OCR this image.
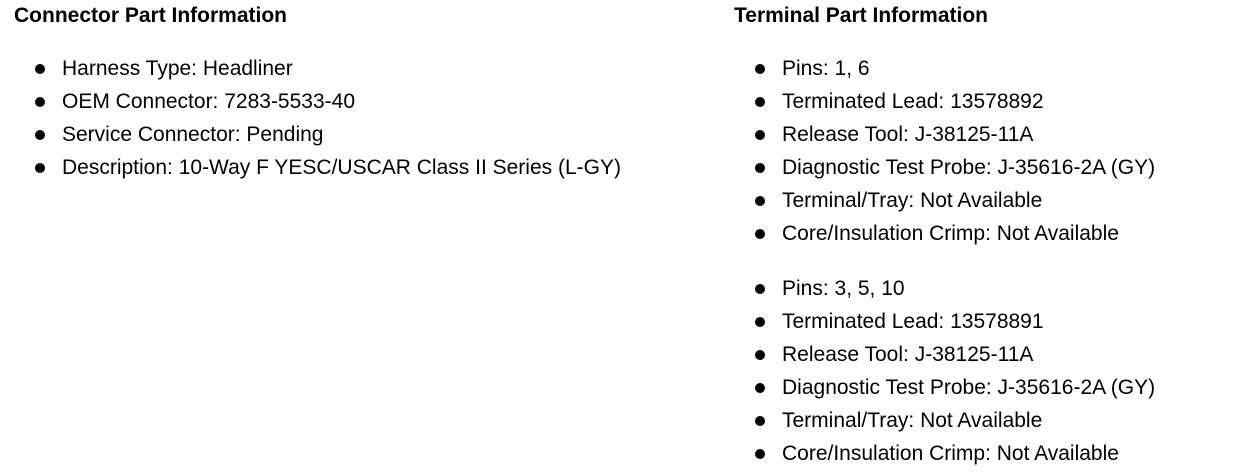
Connector Part Information
Harness Type: Headliner
OEM Connector: 7283-5533-40
Service Connector: Pending
Description: 10-Way F YESC/USCAR Class II Series (L-GY)
Terminal Part Information
Pins: 1, 6
Terminated Lead: 13578892
Release Tool: J-38125-11A
Diagnostic Test Probe: J-35616-2A (GY)
Terminal/Tray: Not Available
Core/Insulation Crimp: Not Available
Pins: 3, 5, 10
Terminated Lead: 13578891
Release Tool: J-38125-11A
Diagnostic Test Probe: J-35616-2A (GY)
Terminal/Tray: Not Available
Core/Insulation Crimp: Not Available
